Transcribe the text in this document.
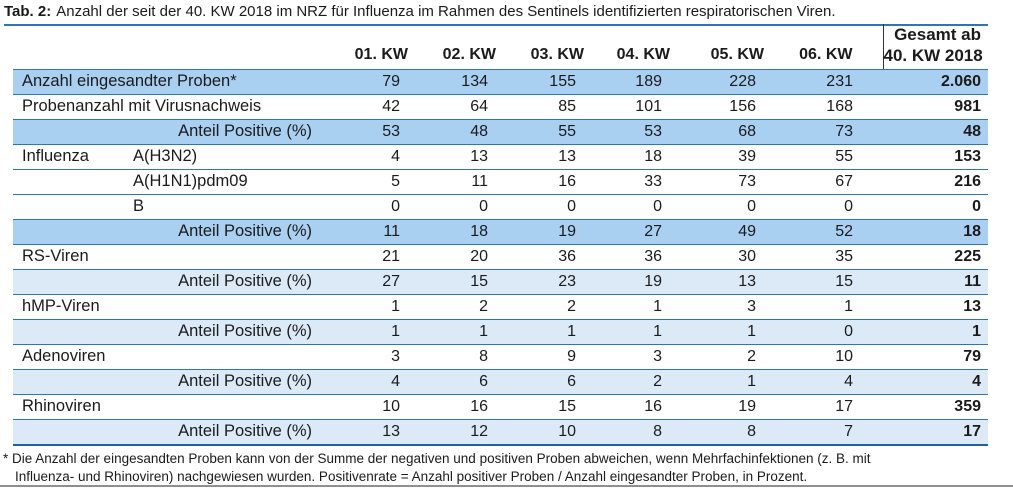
Tab. 2: Anzahl der seit der 40. KW 2018 im NRZ für Influenza im Rahmen des Sentinels identifizierten respiratorischen Viren.
		01. KW	02. KW	03. KW	04. KW	05. KW	06. KW	Gesamt ab
40. KW 2018

Anzahl eingesandter Proben*		79	134	155	189	228	231	2.060
Probenanzahl mit Virusnachweis		42	64	85	101	156	168	981
	Anteil Positive (%)	53	48	55	53	68	73	48
Influenza	A(H3N2)	4	13	13	18	39	55	153
	A(H1N1)pdm09	5	11	16	33	73	67	216
	B	0	0	0	0	0	0	0
	Anteil Positive (%)	11	18	19	27	49	52	18
RS-Viren		21	20	36	36	30	35	225
	Anteil Positive (%)	27	15	23	19	13	15	11
hMP-Viren		1	2	2	1	3	1	13
	Anteil Positive (%)	1	1	1	1	1	0	1
Adenoviren		3	8	9	3	2	10	79
	Anteil Positive (%)	4	6	6	2	1	4	4
Rhinoviren		10	16	15	16	19	17	359
	Anteil Positive (%)	13	12	10	8	8	7	17
* Die Anzahl der eingesandten Proben kann von der Summe der negativen und positiven Proben abweichen, wenn Mehrfachinfektionen (z. B. mit
Influenza- und Rhinoviren) nachgewiesen wurden. Positivenrate = Anzahl positiver Proben / Anzahl eingesandter Proben, in Prozent.
